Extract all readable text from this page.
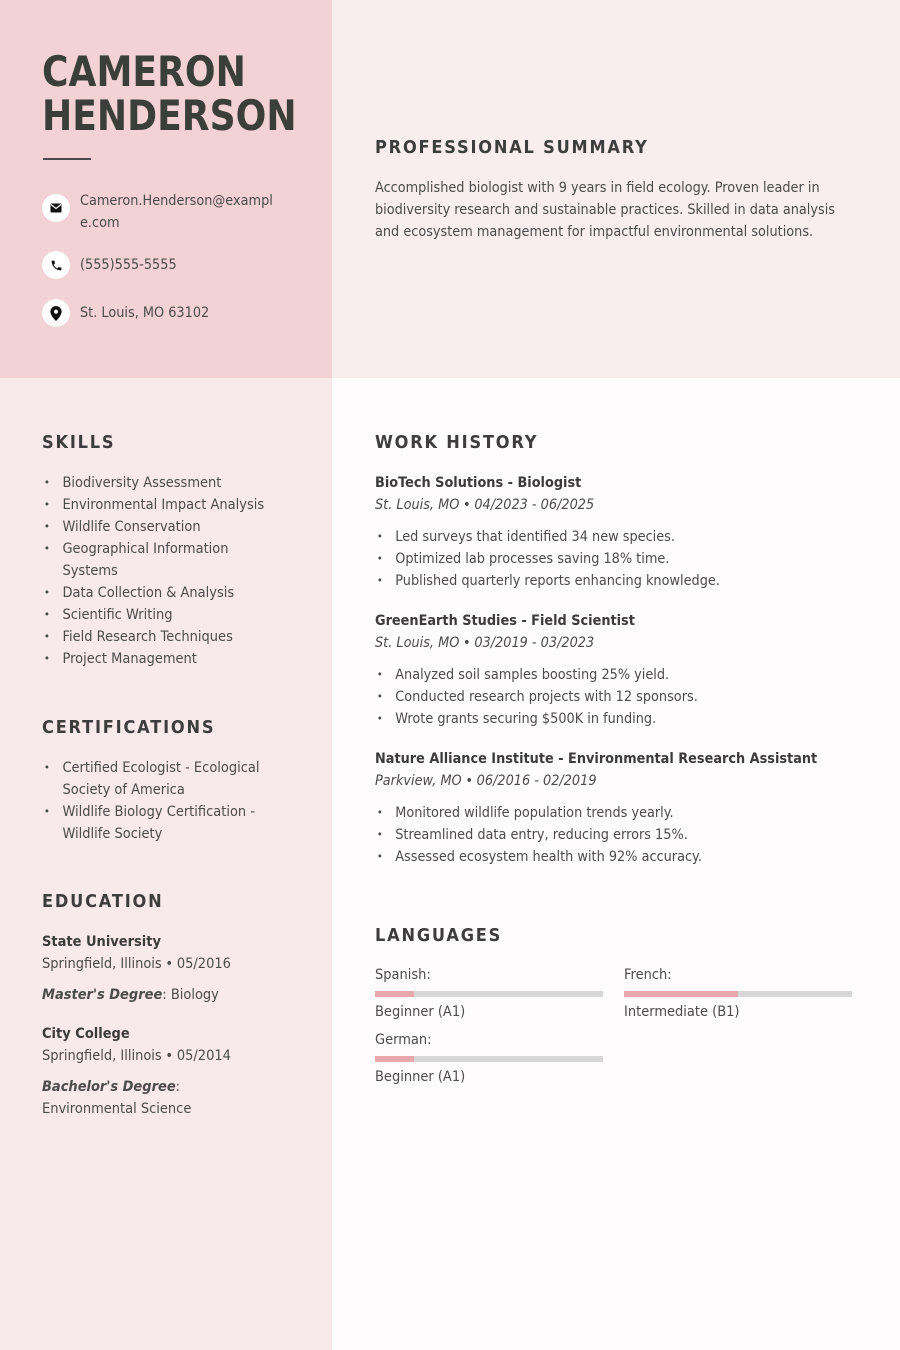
CAMERON
HENDERSON
Cameron.Henderson@example.com
(555)555-5555
St. Louis, MO 63102
PROFESSIONAL SUMMARY
Accomplished biologist with 9 years in field ecology. Proven leader in biodiversity research and sustainable practices. Skilled in data analysis and ecosystem management for impactful environmental solutions.
SKILLS
• Biodiversity Assessment
• Environmental Impact Analysis
• Wildlife Conservation
• Geographical Information Systems
• Data Collection & Analysis
• Scientific Writing
• Field Research Techniques
• Project Management
CERTIFICATIONS
• Certified Ecologist - Ecological Society of America
• Wildlife Biology Certification - Wildlife Society
EDUCATION
State University
Springfield, Illinois • 05/2016
Master's Degree: Biology
City College
Springfield, Illinois • 05/2014
Bachelor's Degree: Environmental Science
WORK HISTORY
BioTech Solutions - Biologist
St. Louis, MO • 04/2023 - 06/2025
• Led surveys that identified 34 new species.
• Optimized lab processes saving 18% time.
• Published quarterly reports enhancing knowledge.
GreenEarth Studies - Field Scientist
St. Louis, MO • 03/2019 - 03/2023
• Analyzed soil samples boosting 25% yield.
• Conducted research projects with 12 sponsors.
• Wrote grants securing $500K in funding.
Nature Alliance Institute - Environmental Research Assistant
Parkview, MO • 06/2016 - 02/2019
• Monitored wildlife population trends yearly.
• Streamlined data entry, reducing errors 15%.
• Assessed ecosystem health with 92% accuracy.
LANGUAGES
Spanish:
Beginner (A1)
French:
Intermediate (B1)
German:
Beginner (A1)
